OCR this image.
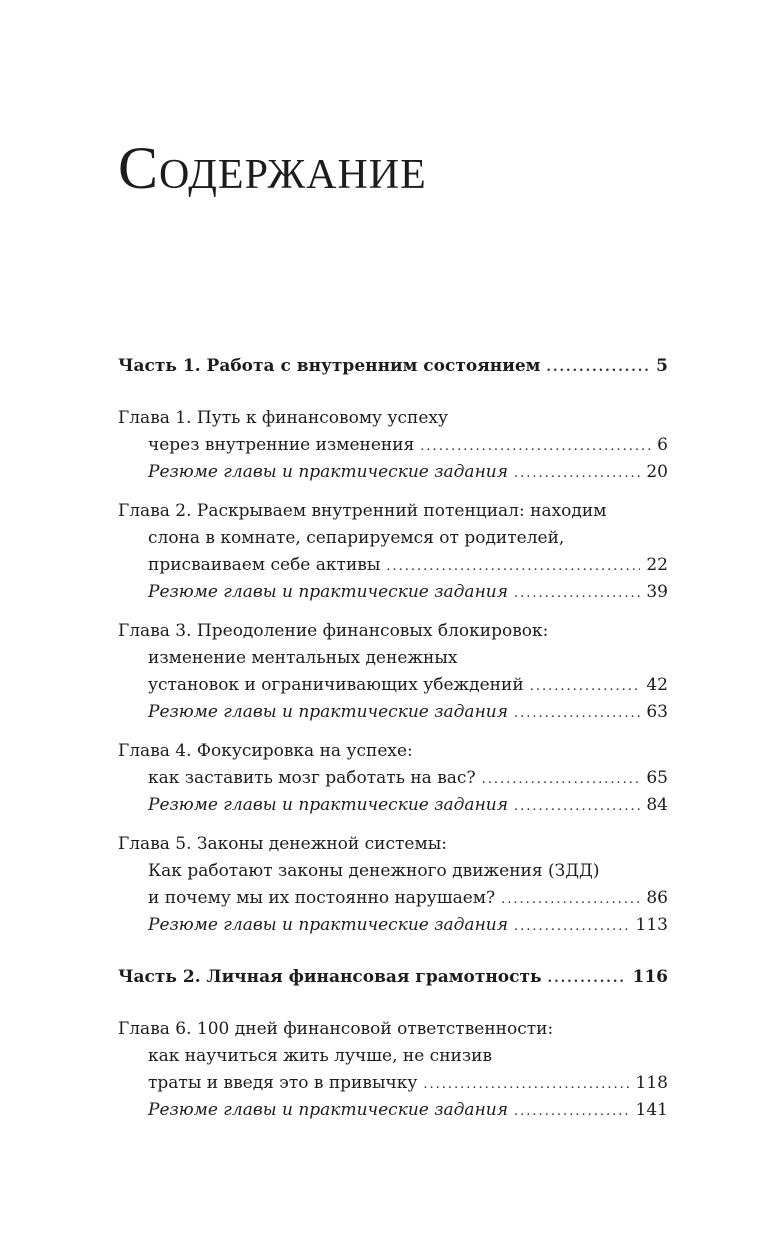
Содержание
Часть 1. Работа с внутренним состоянием .....	5
Глава 1. Путь к финансовому успеху
через внутренние изменения .....	6
Резюме главы и практические задания .....	20
Глава 2. Раскрываем внутренний потенциал: находим
слона в комнате, сепарируемся от родителей,
присваиваем себе активы .....	22
Резюме главы и практические задания .....	39
Глава 3. Преодоление финансовых блокировок:
изменение ментальных денежных
установок и ограничивающих убеждений .....	42
Резюме главы и практические задания .....	63
Глава 4. Фокусировка на успехе:
как заставить мозг работать на вас? .....	65
Резюме главы и практические задания .....	84
Глава 5. Законы денежной системы:
Как работают законы денежного движения (ЗДД)
и почему мы их постоянно нарушаем? .....	86
Резюме главы и практические задания .....	113
Часть 2. Личная финансовая грамотность .....	116
Глава 6. 100 дней финансовой ответственности:
как научиться жить лучше, не снизив
траты и введя это в привычку .....	118
Резюме главы и практические задания .....	141
